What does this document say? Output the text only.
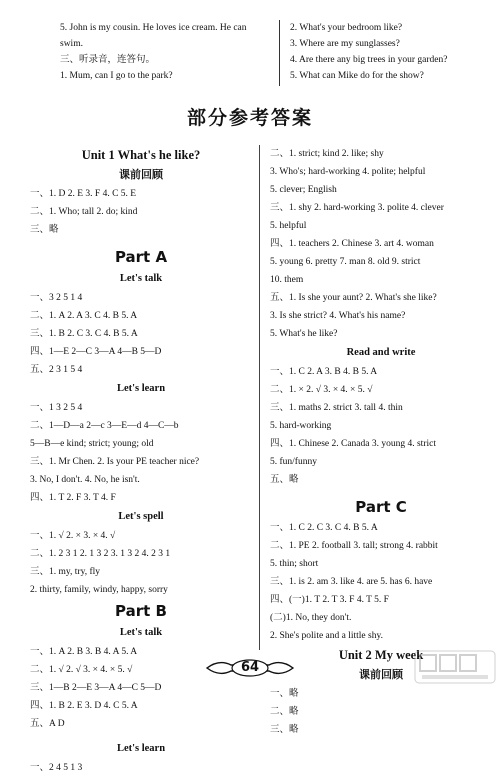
5. John is my cousin. He loves ice cream. He can
swim.
三、听录音，连答句。
1. Mum, can I go to the park?
2. What's your bedroom like?
3. Where are my sunglasses?
4. Are there any big trees in your garden?
5. What can Mike do for the show?
部分参考答案
Unit 1 What's he like?
课前回顾
一、1. D 2. E 3. F 4. C 5. E
二、1. Who; tall 2. do; kind
三、略
Part A
Let's talk
一、3 2 5 1 4
二、1. A 2. A 3. C 4. B 5. A
三、1. B 2. C 3. C 4. B 5. A
四、1—E 2—C 3—A 4—B 5—D
五、2 3 1 5 4
Let's learn
一、1 3 2 5 4
二、1—D—a 2—c 3—E—d 4—C—b
5—B—e kind; strict; young; old
三、1. Mr Chen. 2. Is your PE teacher nice?
3. No, I don't. 4. No, he isn't.
四、1. T 2. F 3. T 4. F
Let's spell
一、1. √ 2. × 3. × 4. √
二、1. 2 3 1 2. 1 3 2 3. 1 3 2 4. 2 3 1
三、1. my, try, fly
2. thirty, family, windy, happy, sorry
Part B
Let's talk
一、1. A 2. B 3. B 4. A 5. A
二、1. √ 2. √ 3. × 4. × 5. √
三、1—B 2—E 3—A 4—C 5—D
四、1. B 2. E 3. D 4. C 5. A
五、A D
Let's learn
一、2 4 5 1 3
二、1. strict; kind 2. like; shy
3. Who's; hard-working 4. polite; helpful
5. clever; English
三、1. shy 2. hard-working 3. polite 4. clever
5. helpful
四、1. teachers 2. Chinese 3. art 4. woman
5. young 6. pretty 7. man 8. old 9. strict
10. them
五、1. Is she your aunt? 2. What's she like?
3. Is she strict? 4. What's his name?
5. What's he like?
Read and write
一、1. C 2. A 3. B 4. B 5. A
二、1. × 2. √ 3. × 4. × 5. √
三、1. maths 2. strict 3. tall 4. thin
5. hard-working
四、1. Chinese 2. Canada 3. young 4. strict
5. fun/funny
五、略
Part C
一、1. C 2. C 3. C 4. B 5. A
二、1. PE 2. football 3. tall; strong 4. rabbit
5. thin; short
三、1. is 2. am 3. like 4. are 5. has 6. have
四、(一)1. T 2. T 3. F 4. T 5. F
(二)1. No, they don't.
2. She's polite and a little shy.
Unit 2 My week
课前回顾
一、略
二、略
三、略
64
